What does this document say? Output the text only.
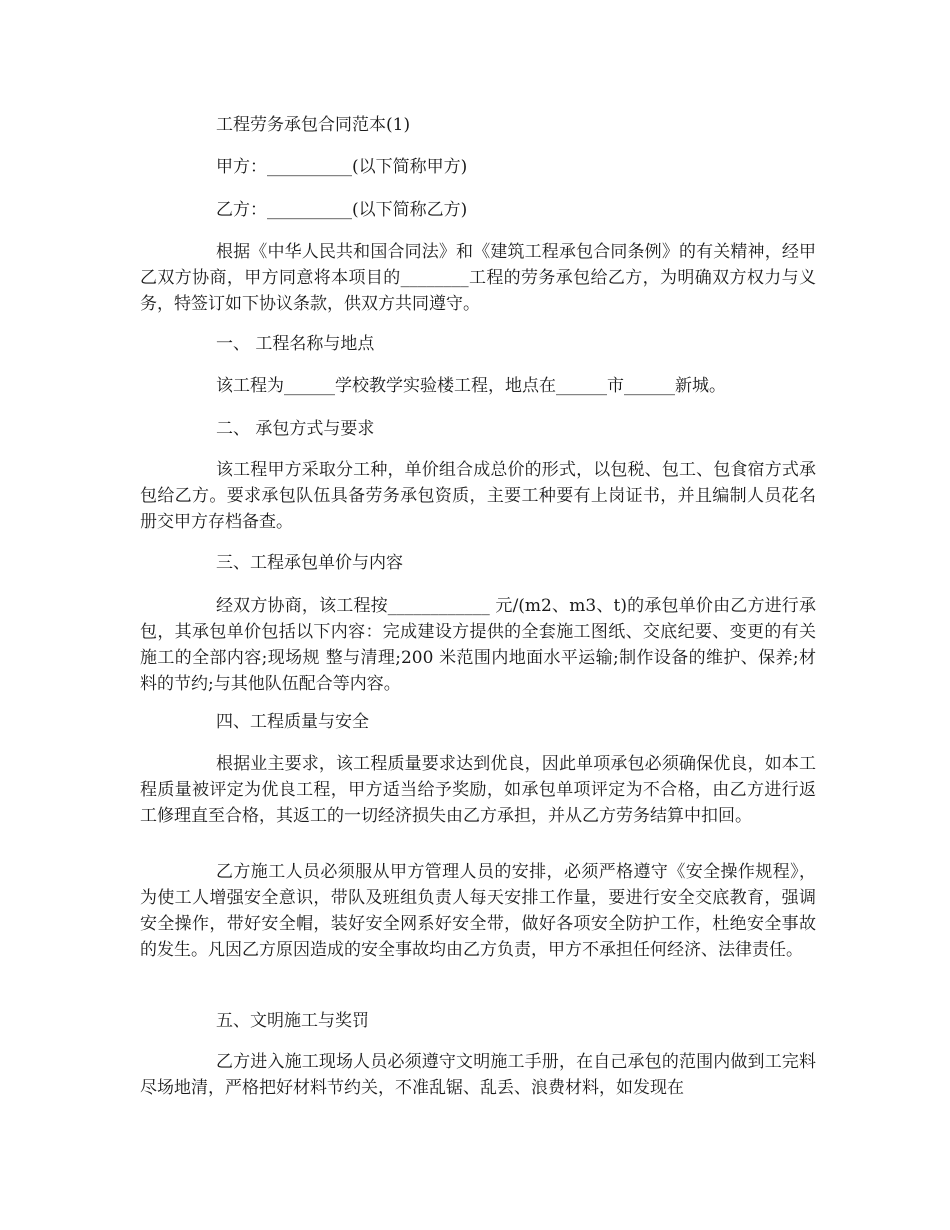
工程劳务承包合同范本(1)

甲方：__________(以下简称甲方)

乙方：__________(以下简称乙方)

根据《中华人民共和国合同法》和《建筑工程承包合同条例》的有关精神，经甲乙双方协商，甲方同意将本项目的________工程的劳务承包给乙方，为明确双方权力与义务，特签订如下协议条款，供双方共同遵守。

一、 工程名称与地点

该工程为______学校教学实验楼工程，地点在______市______新城。

二、 承包方式与要求

该工程甲方采取分工种，单价组合成总价的形式，以包税、包工、包食宿方式承包给乙方。要求承包队伍具备劳务承包资质，主要工种要有上岗证书，并且编制人员花名册交甲方存档备查。

三、工程承包单价与内容

经双方协商，该工程按____________ 元/(m2、m3、t)的承包单价由乙方进行承包，其承包单价包括以下内容：完成建设方提供的全套施工图纸、交底纪要、变更的有关施工的全部内容;现场规 整与清理;200 米范围内地面水平运输;制作设备的维护、保养;材料的节约;与其他队伍配合等内容。

四、工程质量与安全

根据业主要求，该工程质量要求达到优良，因此单项承包必须确保优良，如本工程质量被评定为优良工程，甲方适当给予奖励，如承包单项评定为不合格，由乙方进行返工修理直至合格，其返工的一切经济损失由乙方承担，并从乙方劳务结算中扣回。

乙方施工人员必须服从甲方管理人员的安排，必须严格遵守《安全操作规程》，为使工人增强安全意识，带队及班组负责人每天安排工作量，要进行安全交底教育，强调安全操作，带好安全帽，装好安全网系好安全带，做好各项安全防护工作，杜绝安全事故的发生。凡因乙方原因造成的安全事故均由乙方负责，甲方不承担任何经济、法律责任。

五、文明施工与奖罚

乙方进入施工现场人员必须遵守文明施工手册，在自己承包的范围内做到工完料尽场地清，严格把好材料节约关，不准乱锯、乱丢、浪费材料，如发现在
